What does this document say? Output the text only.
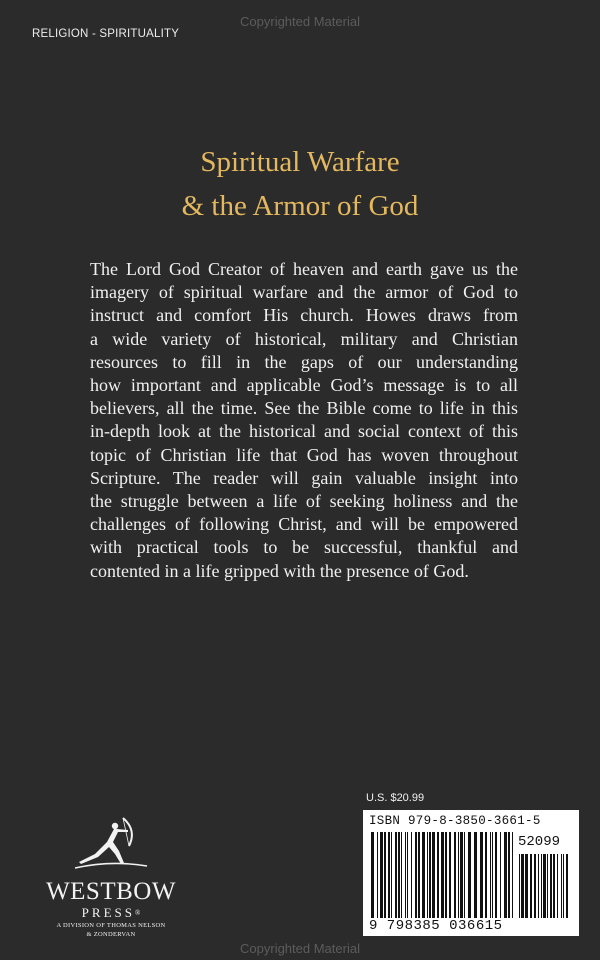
Copyrighted Material
RELIGION - SPIRITUALITY
Spiritual Warfare
& the Armor of God
The Lord God Creator of heaven and earth gave us the
imagery of spiritual warfare and the armor of God to
instruct and comfort His church. Howes draws from
a wide variety of historical, military and Christian
resources to fill in the gaps of our understanding
how important and applicable God’s message is to all
believers, all the time. See the Bible come to life in this
in-depth look at the historical and social context of this
topic of Christian life that God has woven throughout
Scripture. The reader will gain valuable insight into
the struggle between a life of seeking holiness and the
challenges of following Christ, and will be empowered
with practical tools to be successful, thankful and
contented in a life gripped with the presence of God.
WESTBOW
PRESS®
A DIVISION OF THOMAS NELSON
& ZONDERVAN
U.S. $20.99
ISBN 979-8-3850-3661-5
52099
9 798385 036615
Copyrighted Material
